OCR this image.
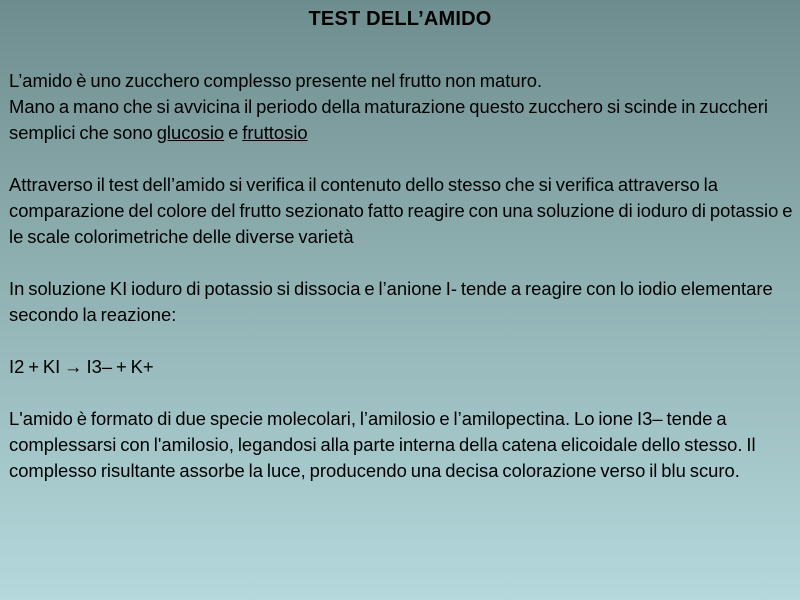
TEST DELL’AMIDO
L’amido è uno zucchero complesso presente nel frutto non maturo.
Mano a mano che si avvicina il periodo della maturazione questo zucchero si scinde in zuccheri semplici che sono glucosio e fruttosio
Attraverso il test dell’amido si verifica il contenuto dello stesso che si verifica attraverso la comparazione del colore del frutto sezionato fatto reagire con una soluzione di ioduro di potassio e le scale colorimetriche delle diverse varietà
In soluzione KI ioduro di potassio si dissocia e l’anione I- tende a reagire con lo iodio elementare secondo la reazione:
I2 + KI → I3– + K+
L'amido è formato di due specie molecolari, l’amilosio e l’amilopectina. Lo ione I3– tende a complessarsi con l'amilosio, legandosi alla parte interna della catena elicoidale dello stesso. Il complesso risultante assorbe la luce, producendo una decisa colorazione verso il blu scuro.
